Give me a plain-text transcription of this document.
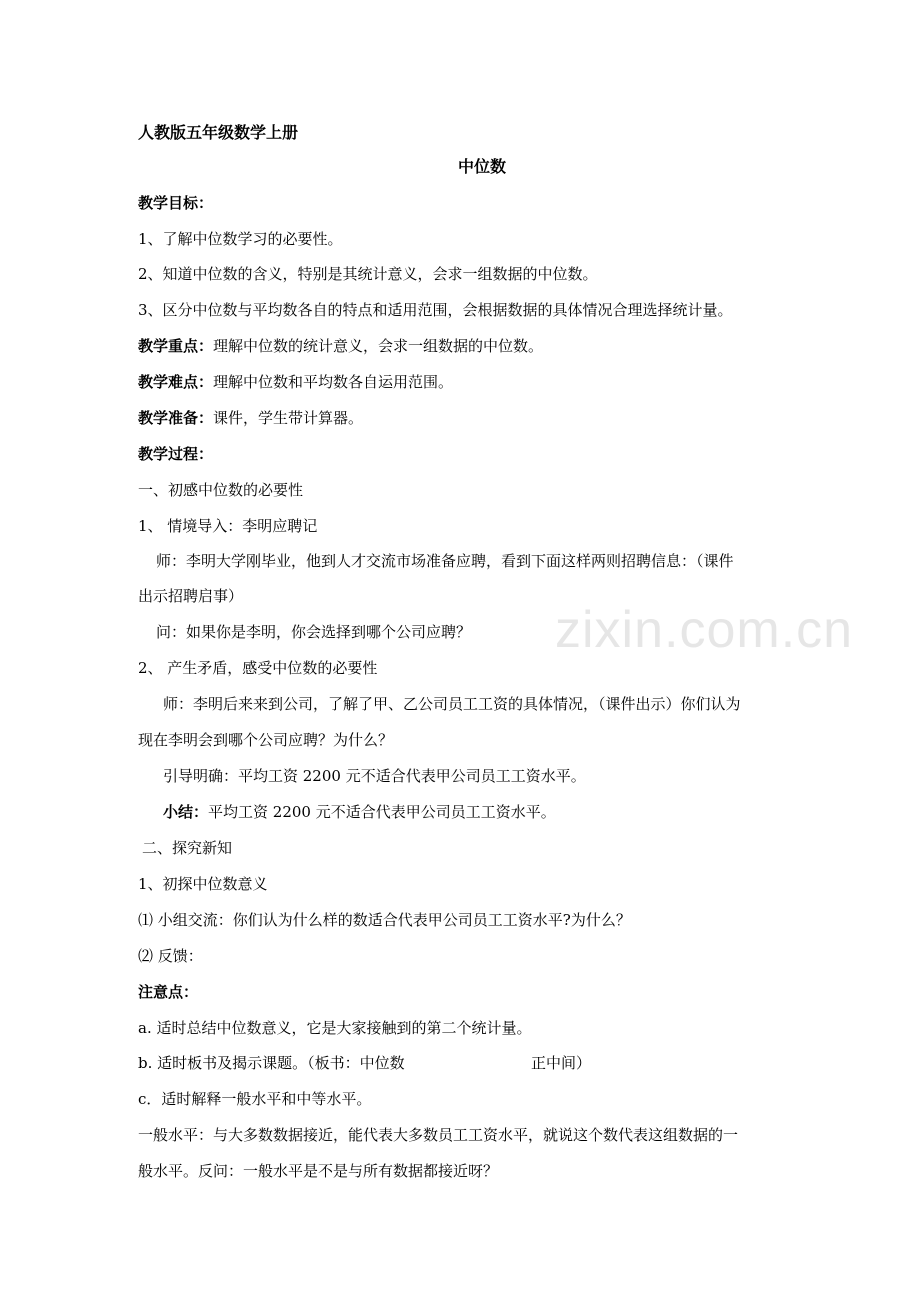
zixin.com.cn
人教版五年级数学上册
中位数
教学目标：
1、了解中位数学习的必要性。
2、知道中位数的含义，特别是其统计意义，会求一组数据的中位数。
3、区分中位数与平均数各自的特点和适用范围，会根据数据的具体情况合理选择统计量。
教学重点：理解中位数的统计意义，会求一组数据的中位数。
教学难点：理解中位数和平均数各自运用范围。
教学准备：课件，学生带计算器。
教学过程：
一、初感中位数的必要性
1、 情境导入：李明应聘记
师：李明大学刚毕业，他到人才交流市场准备应聘，看到下面这样两则招聘信息：（课件
出示招聘启事）
问：如果你是李明，你会选择到哪个公司应聘？
2、 产生矛盾，感受中位数的必要性
师：李明后来来到公司，了解了甲、乙公司员工工资的具体情况，（课件出示）你们认为
现在李明会到哪个公司应聘？为什么？
引导明确：平均工资 2200 元不适合代表甲公司员工工资水平。
小结：平均工资 2200 元不适合代表甲公司员工工资水平。
二、探究新知
1、初探中位数意义
⑴ 小组交流：你们认为什么样的数适合代表甲公司员工工资水平?为什么？
⑵ 反馈：
注意点：
a. 适时总结中位数意义，它是大家接触到的第二个统计量。
b. 适时板书及揭示课题。（板书：中位数	正中间）
c．适时解释一般水平和中等水平。
一般水平：与大多数数据接近，能代表大多数员工工资水平，就说这个数代表这组数据的一
般水平。反问：一般水平是不是与所有数据都接近呀？
